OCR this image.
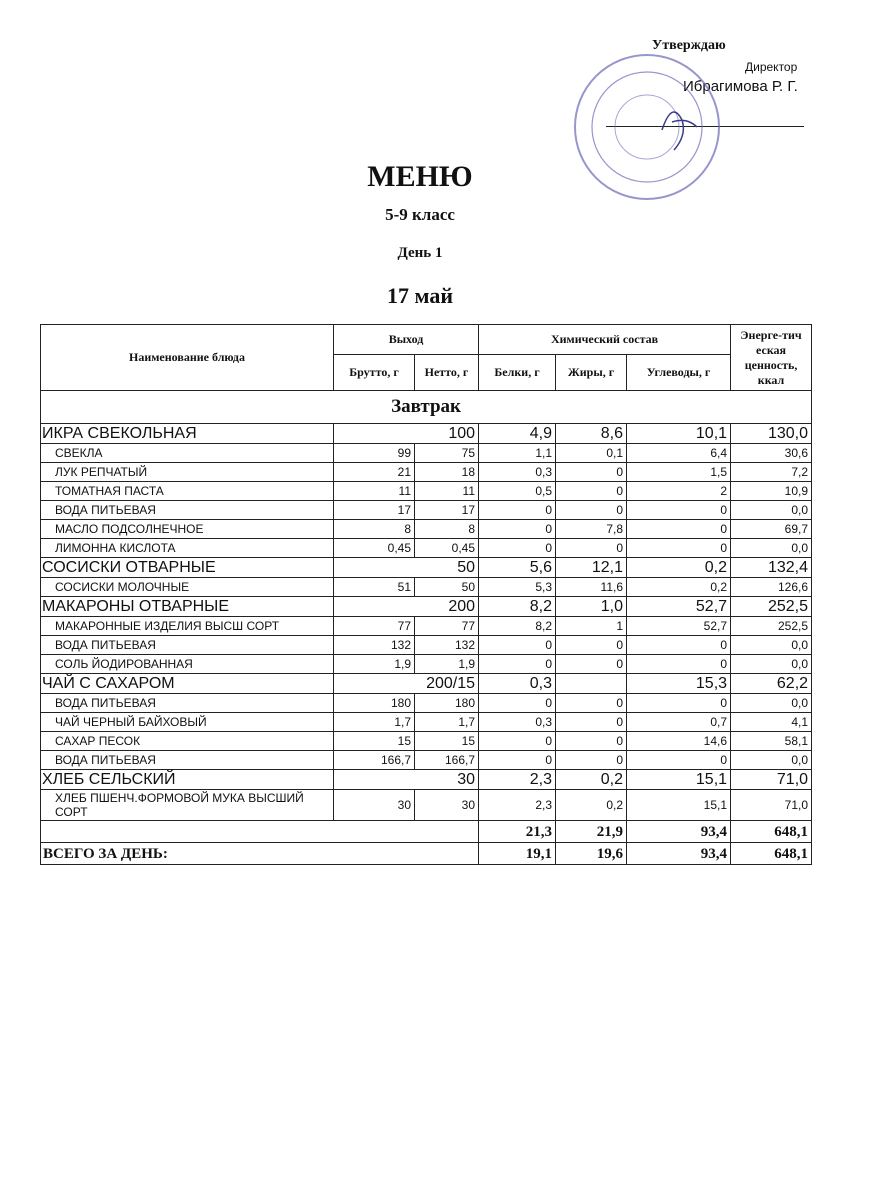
Утверждаю
Директор
Ибрагимова Р. Г.
МЕНЮ
5-9 класс
День 1
17 май
Наименование блюда	Выход		Химический состав			Энерге-тич еская ценность, ккал
	Брутто, г	Нетто, г	Белки, г	Жиры, г	Углеводы, г	
Завтрак						
ИКРА СВЕКОЛЬНАЯ	100		4,9	8,6	10,1	130,0
СВЕКЛА	99	75	1,1	0,1	6,4	30,6
ЛУК РЕПЧАТЫЙ	21	18	0,3	0	1,5	7,2
ТОМАТНАЯ ПАСТА	11	11	0,5	0	2	10,9
ВОДА ПИТЬЕВАЯ	17	17	0	0	0	0,0
МАСЛО ПОДСОЛНЕЧНОЕ	8	8	0	7,8	0	69,7
ЛИМОННА КИСЛОТА	0,45	0,45	0	0	0	0,0
СОСИСКИ ОТВАРНЫЕ	50		5,6	12,1	0,2	132,4
СОСИСКИ МОЛОЧНЫЕ	51	50	5,3	11,6	0,2	126,6
МАКАРОНЫ ОТВАРНЫЕ	200		8,2	1,0	52,7	252,5
МАКАРОННЫЕ ИЗДЕЛИЯ ВЫСШ СОРТ	77	77	8,2	1	52,7	252,5
ВОДА ПИТЬЕВАЯ	132	132	0	0	0	0,0
СОЛЬ ЙОДИРОВАННАЯ	1,9	1,9	0	0	0	0,0
ЧАЙ С САХАРОМ	200/15		0,3		15,3	62,2
ВОДА ПИТЬЕВАЯ	180	180	0	0	0	0,0
ЧАЙ ЧЕРНЫЙ БАЙХОВЫЙ	1,7	1,7	0,3	0	0,7	4,1
САХАР ПЕСОК	15	15	0	0	14,6	58,1
ВОДА ПИТЬЕВАЯ	166,7	166,7	0	0	0	0,0
ХЛЕБ СЕЛЬСКИЙ	30		2,3	0,2	15,1	71,0
ХЛЕБ ПШЕНЧ.ФОРМОВОЙ МУКА ВЫСШИЙ СОРТ	30	30	2,3	0,2	15,1	71,0
			21,3	21,9	93,4	648,1
ВСЕГО ЗА ДЕНЬ:			19,1	19,6	93,4	648,1
